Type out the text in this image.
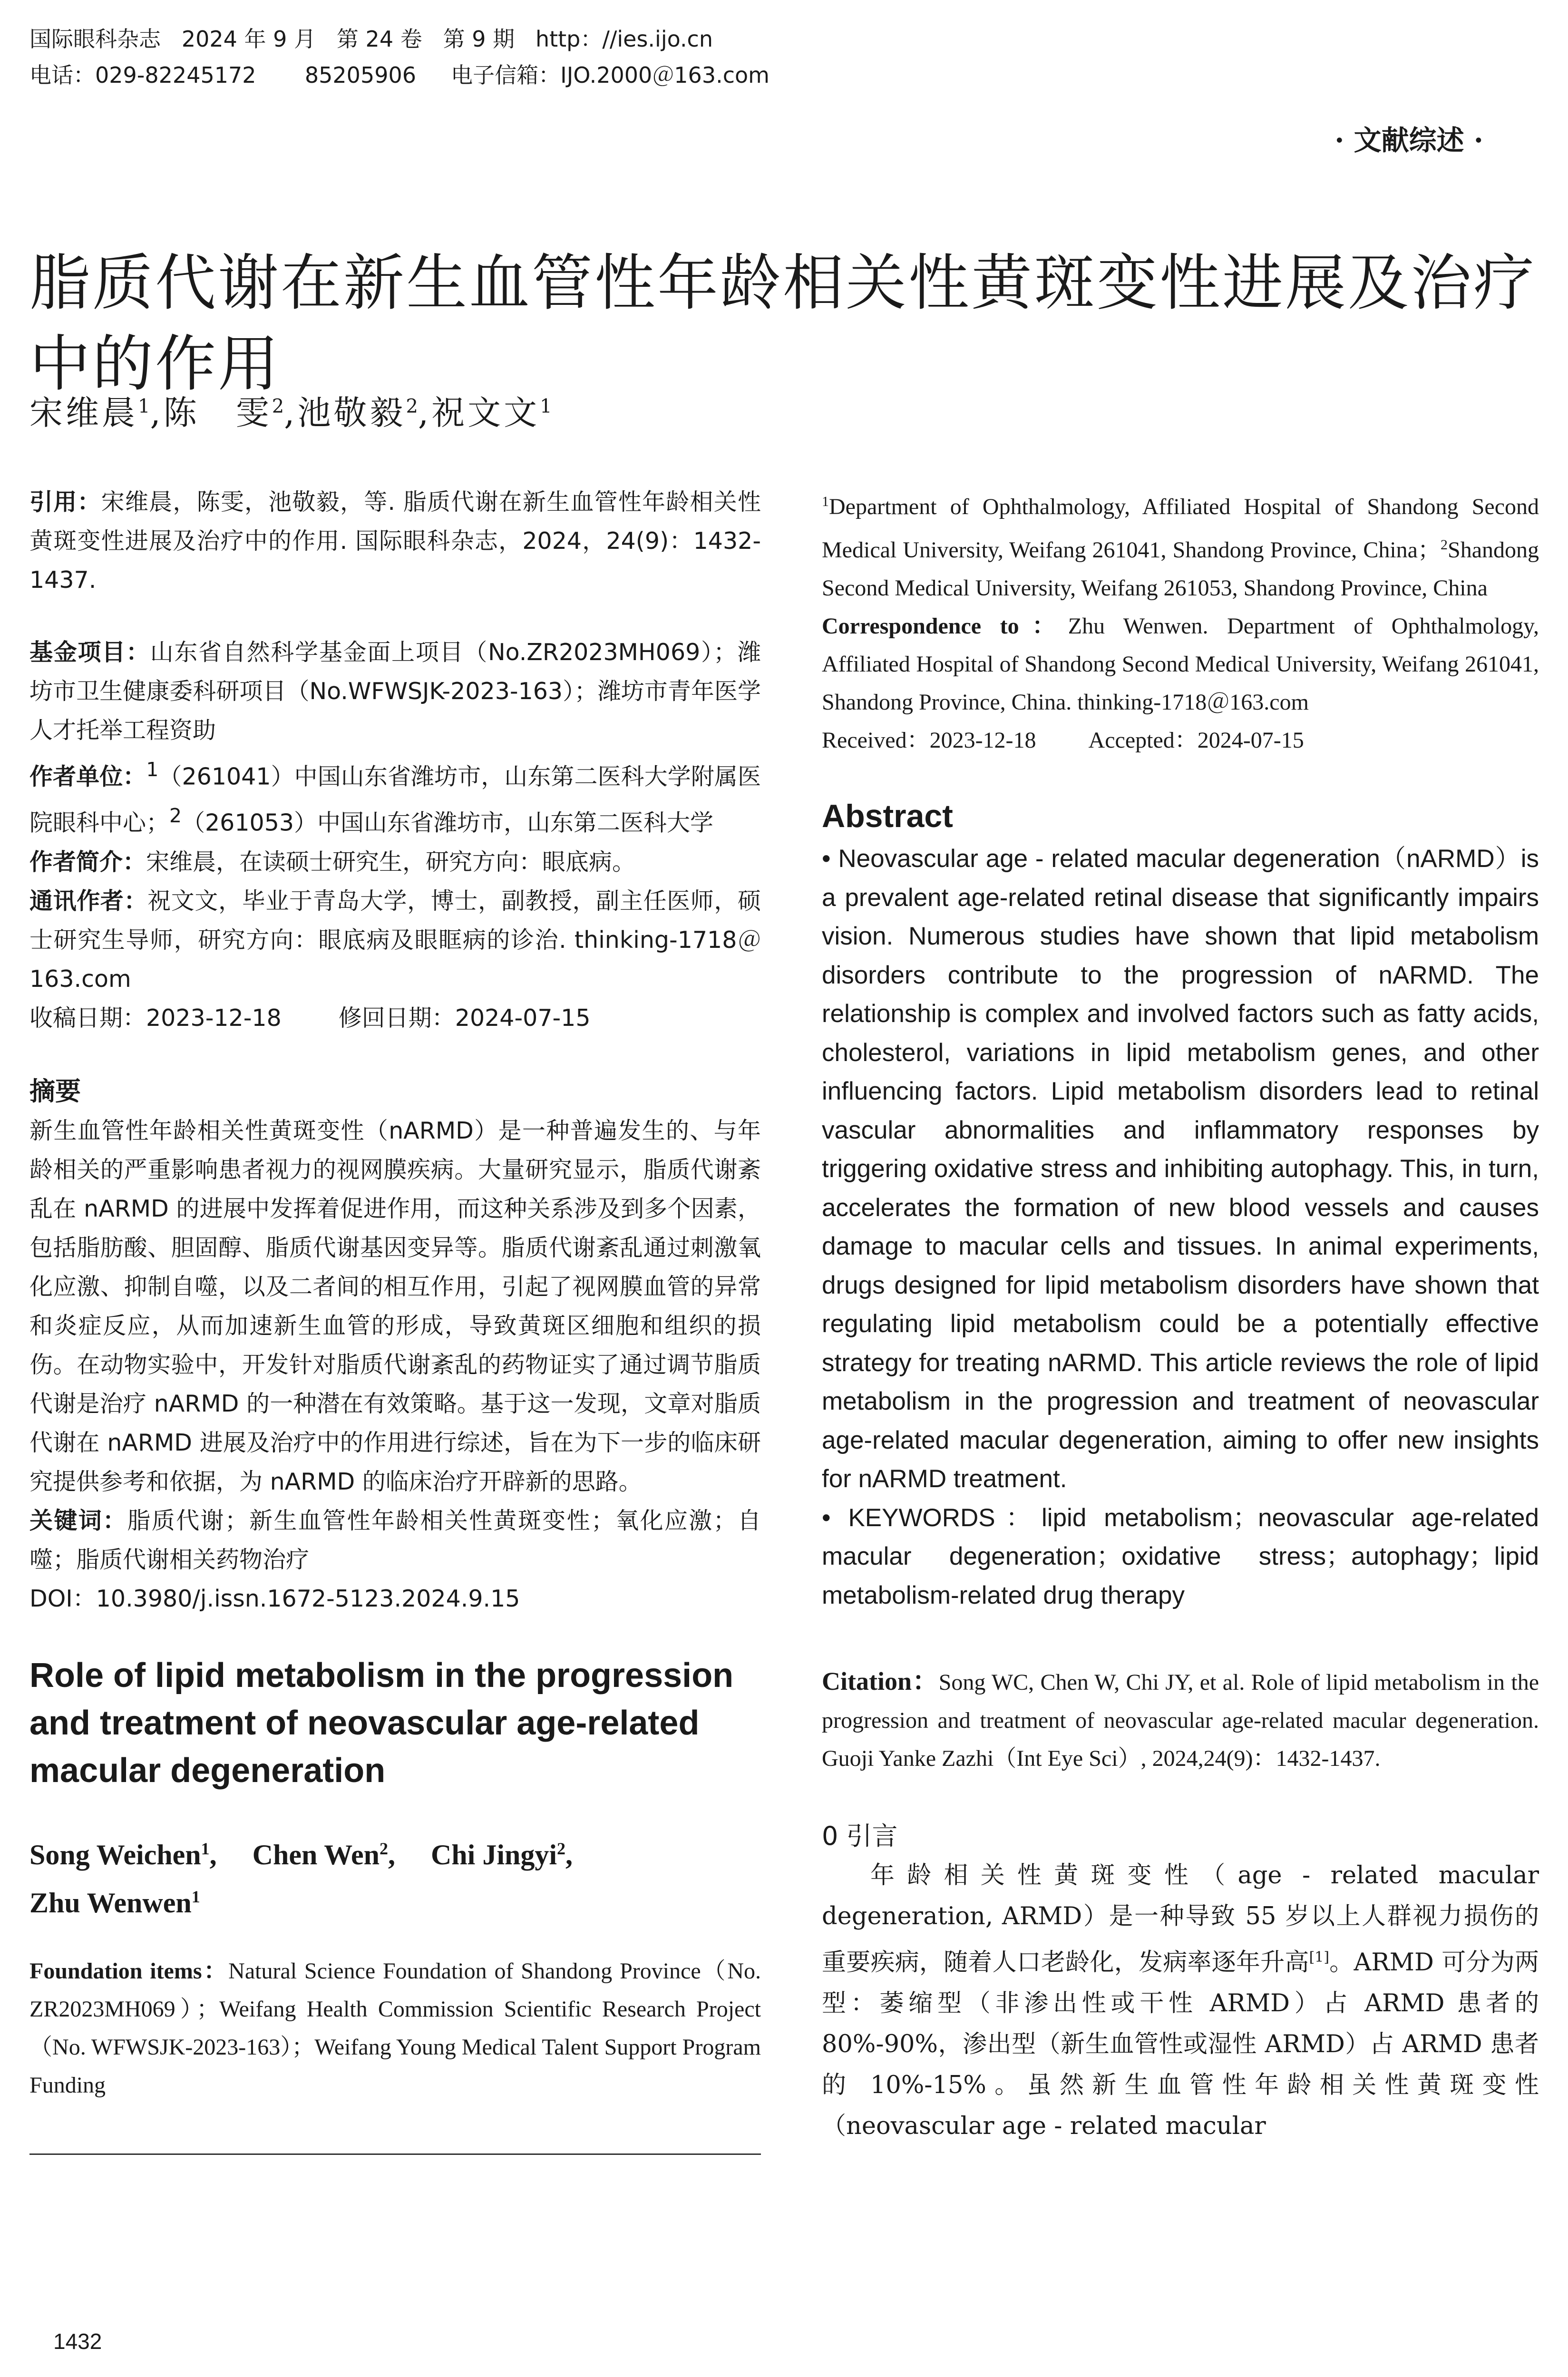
国际眼科杂志   2024 年 9 月   第 24 卷   第 9 期   http：//ies.ijo.cn
电话：029-82245172       85205906     电子信箱：IJO.2000＠163.com
· 文献综述 ·
脂质代谢在新生血管性年龄相关性黄斑变性进展及治疗
中的作用
宋维晨$^1$,陈　雯$^2$,池敬毅$^2$,祝文文$^1$

引用：宋维晨，陈雯，池敬毅，等. 脂质代谢在新生血管性年龄相关性黄斑变性进展及治疗中的作用. 国际眼科杂志，2024，24(9)：1432-1437.

基金项目：山东省自然科学基金面上项目（No.ZR2023MH069）；潍坊市卫生健康委科研项目（No.WFWSJK-2023-163）；潍坊市青年医学人才托举工程资助

作者单位：$^1$（261041）中国山东省潍坊市，山东第二医科大学附属医院眼科中心；$^2$（261053）中国山东省潍坊市，山东第二医科大学

作者简介：宋维晨，在读硕士研究生，研究方向：眼底病。

通讯作者：祝文文，毕业于青岛大学，博士，副教授，副主任医师，硕士研究生导师，研究方向：眼底病及眼眶病的诊治. thinking-1718＠163.com

收稿日期：2023-12-18 修回日期：2024-07-15

摘要

新生血管性年龄相关性黄斑变性（nARMD）是一种普遍发生的、与年龄相关的严重影响患者视力的视网膜疾病。大量研究显示，脂质代谢紊乱在 nARMD 的进展中发挥着促进作用，而这种关系涉及到多个因素，包括脂肪酸、胆固醇、脂质代谢基因变异等。脂质代谢紊乱通过刺激氧化应激、抑制自噬，以及二者间的相互作用，引起了视网膜血管的异常和炎症反应，从而加速新生血管的形成，导致黄斑区细胞和组织的损伤。在动物实验中，开发针对脂质代谢紊乱的药物证实了通过调节脂质代谢是治疗 nARMD 的一种潜在有效策略。基于这一发现，文章对脂质代谢在 nARMD 进展及治疗中的作用进行综述，旨在为下一步的临床研究提供参考和依据，为 nARMD 的临床治疗开辟新的思路。

关键词：脂质代谢；新生血管性年龄相关性黄斑变性；氧化应激；自噬；脂质代谢相关药物治疗

DOI：10.3980/j.issn.1672-5123.2024.9.15

Role of lipid metabolism in the progression and treatment of neovascular age-related macular degeneration

Song Weichen$^1$,     Chen Wen$^2$,     Chi Jingyi$^2$,
Zhu Wenwen$^1$

Foundation items：Natural Science Foundation of Shandong Province（No. ZR2023MH069）；Weifang Health Commission Scientific Research Project（No. WFWSJK-2023-163）；Weifang Young Medical Talent Support Program Funding

$^1$Department of Ophthalmology, Affiliated Hospital of Shandong Second Medical University, Weifang 261041, Shandong Province, China；$^2$Shandong Second Medical University, Weifang 261053, Shandong Province, China

Correspondence to：Zhu Wenwen. Department of Ophthalmology, Affiliated Hospital of Shandong Second Medical University, Weifang 261041, Shandong Province, China. thinking-1718＠163.com

Received：2023-12-18 Accepted：2024-07-15

Abstract

• Neovascular age - related macular degeneration（nARMD）is a prevalent age-related retinal disease that significantly impairs vision. Numerous studies have shown that lipid metabolism disorders contribute to the progression of nARMD. The relationship is complex and involved factors such as fatty acids, cholesterol, variations in lipid metabolism genes, and other influencing factors. Lipid metabolism disorders lead to retinal vascular abnormalities and inflammatory responses by triggering oxidative stress and inhibiting autophagy. This, in turn, accelerates the formation of new blood vessels and causes damage to macular cells and tissues. In animal experiments, drugs designed for lipid metabolism disorders have shown that regulating lipid metabolism could be a potentially effective strategy for treating nARMD. This article reviews the role of lipid metabolism in the progression and treatment of neovascular age-related macular degeneration, aiming to offer new insights for nARMD treatment.

• KEYWORDS：lipid metabolism；neovascular age-related macular degeneration；oxidative stress；autophagy；lipid metabolism-related drug therapy

Citation：Song WC, Chen W, Chi JY, et al. Role of lipid metabolism in the progression and treatment of neovascular age-related macular degeneration. Guoji Yanke Zazhi（Int Eye Sci）, 2024,24(9)：1432-1437.

0 引言

年龄相关性黄斑变性（age - related macular degeneration, ARMD）是一种导致 55 岁以上人群视力损伤的重要疾病，随着人口老龄化，发病率逐年升高[1]。ARMD 可分为两型：萎缩型（非渗出性或干性 ARMD）占 ARMD 患者的 80%-90%，渗出型（新生血管性或湿性 ARMD）占 ARMD 患者的 10%-15%。虽然新生血管性年龄相关性黄斑变性（neovascular age - related macular

1432
